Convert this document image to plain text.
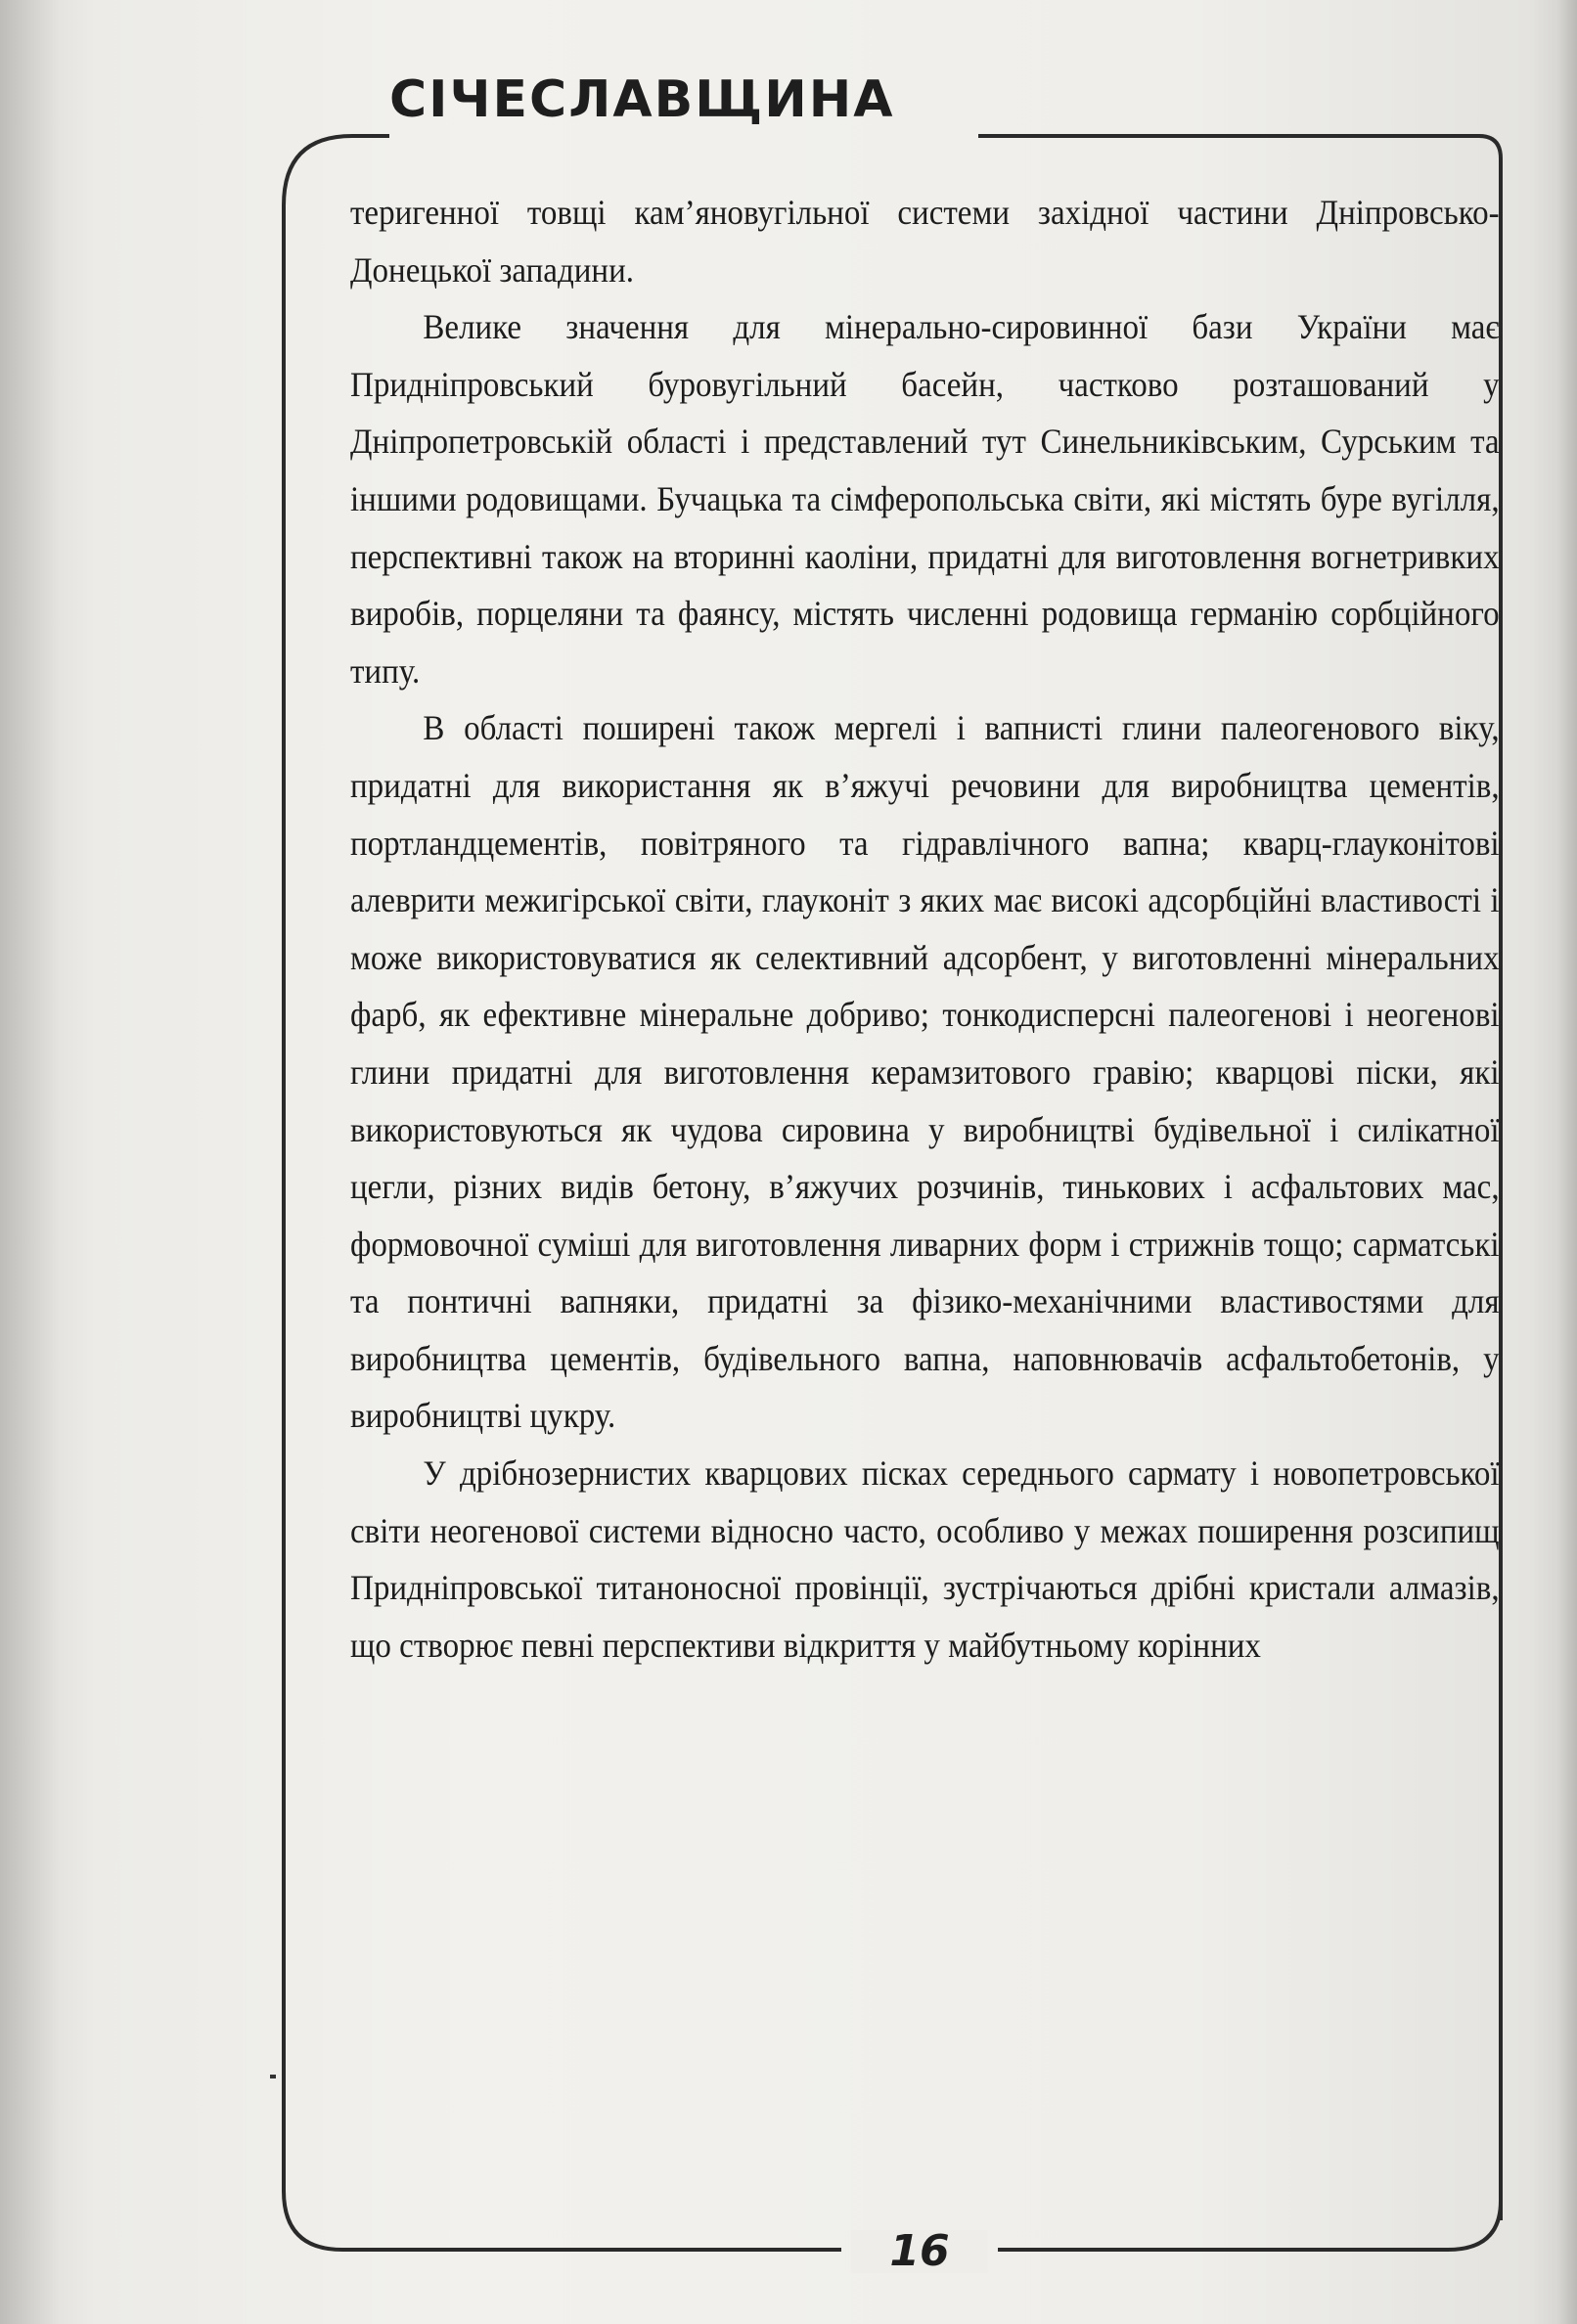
СІЧЕСЛАВЩИНА

теригенної товщі кам’яновугільної системи західної частини Дніпровсько-Донецької западини.

Велике значення для мінерально-сировинної бази України має Придніпровський буровугільний басейн, частково розташований у Дніпропетровській області і представлений тут Синельниківським, Сурським та іншими родовищами. Бучацька та сімферопольська світи, які містять буре вугілля, перспективні також на вторинні каоліни, придатні для виготовлення вогнетривких виробів, порцеляни та фаянсу, містять численні родовища германію сорбційного типу.

В області поширені також мергелі і вапнисті глини палеогенового віку, придатні для використання як в’яжучі речовини для виробництва цементів, портландцементів, повітряного та гідравлічного вапна; кварц-глауконітові алеврити межигірської світи, глауконіт з яких має високі адсорбційні властивості і може використовуватися як селективний адсорбент, у виготовленні мінеральних фарб, як ефективне мінеральне добриво; тонкодисперсні палеогенові і неогенові глини придатні для виготовлення керамзитового гравію; кварцові піски, які використовуються як чудова сировина у виробництві будівельної і силікатної цегли, різних видів бетону, в’яжучих розчинів, тинькових і асфальтових мас, формовочної суміші для виготовлення ливарних форм і стрижнів тощо; сарматські та понтичні вапняки, придатні за фізико-механічними властивостями для виробництва цементів, будівельного вапна, наповнювачів асфальтобетонів, у виробництві цукру.

У дрібнозернистих кварцових пісках середнього сармату і новопетровської світи неогенової системи відносно часто, особливо у межах поширення розсипищ Придніпровської титаноносної провінції, зустрічаються дрібні кристали алмазів, що створює певні перспективи відкриття у майбутньому корінних

16
